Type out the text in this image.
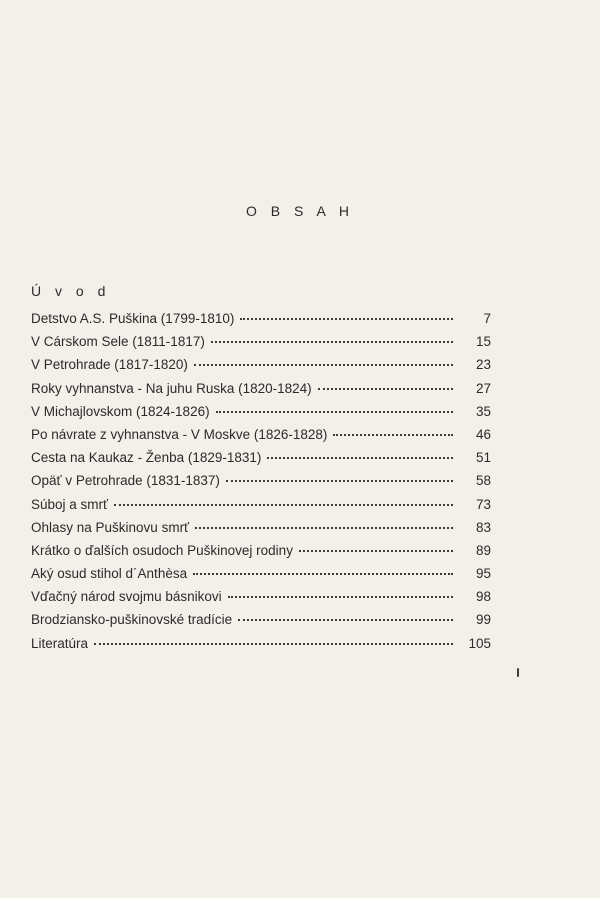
O B S A H
Ú v o d
Detstvo A.S. Puškina (1799-1810)	7
V Cárskom Sele (1811-1817)	15
V Petrohrade (1817-1820)	23
Roky vyhnanstva - Na juhu Ruska (1820-1824)	27
V Michajlovskom (1824-1826)	35
Po návrate z vyhnanstva - V Moskve (1826-1828)	46
Cesta na Kaukaz - Ženba (1829-1831)	51
Opäť v Petrohrade (1831-1837)	58
Súboj a smrť	73
Ohlasy na Puškinovu smrť	83
Krátko o ďalších osudoch Puškinovej rodiny	89
Aký osud stihol d´Anthèsa	95
Vďačný národ svojmu básnikovi	98
Brodziansko-puškinovské tradície	99
Literatúra	105
